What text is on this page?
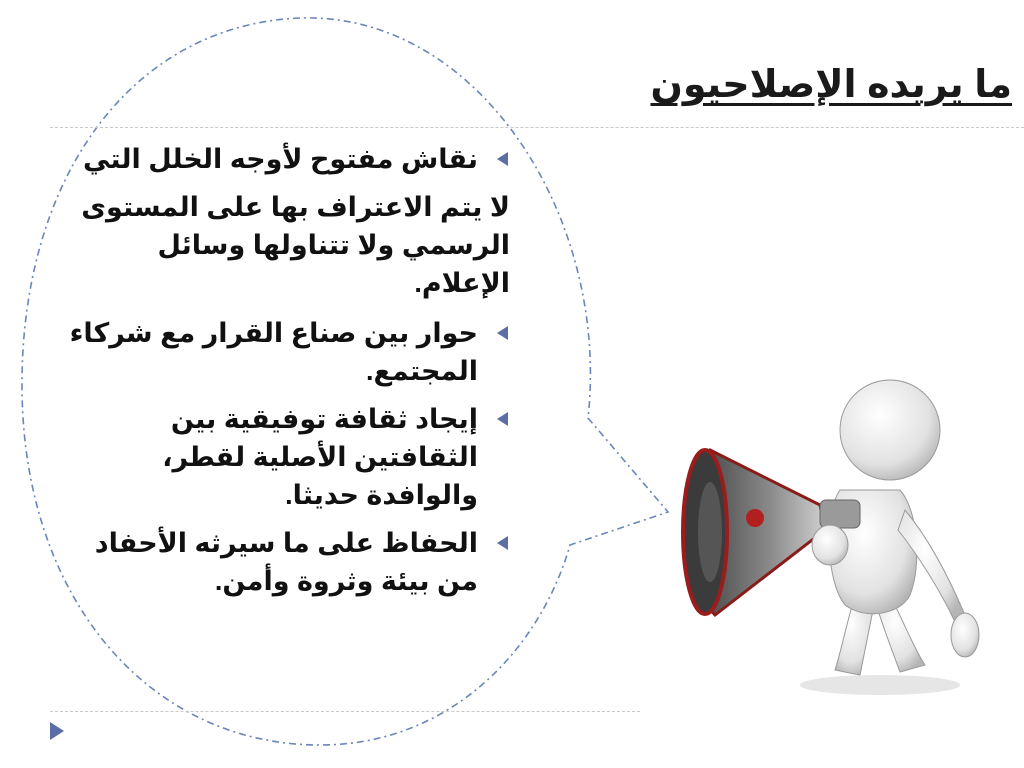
ما يريده الإصلاحيون
نقاش مفتوح لأوجه الخلل التي
لا يتم الاعتراف بها على المستوى الرسمي ولا تتناولها وسائل الإعلام.
حوار بين صناع القرار مع شركاء المجتمع.
إيجاد ثقافة توفيقية بين الثقافتين الأصلية لقطر، والوافدة حديثا.
الحفاظ على ما سيرثه الأحفاد من بيئة وثروة وأمن.
